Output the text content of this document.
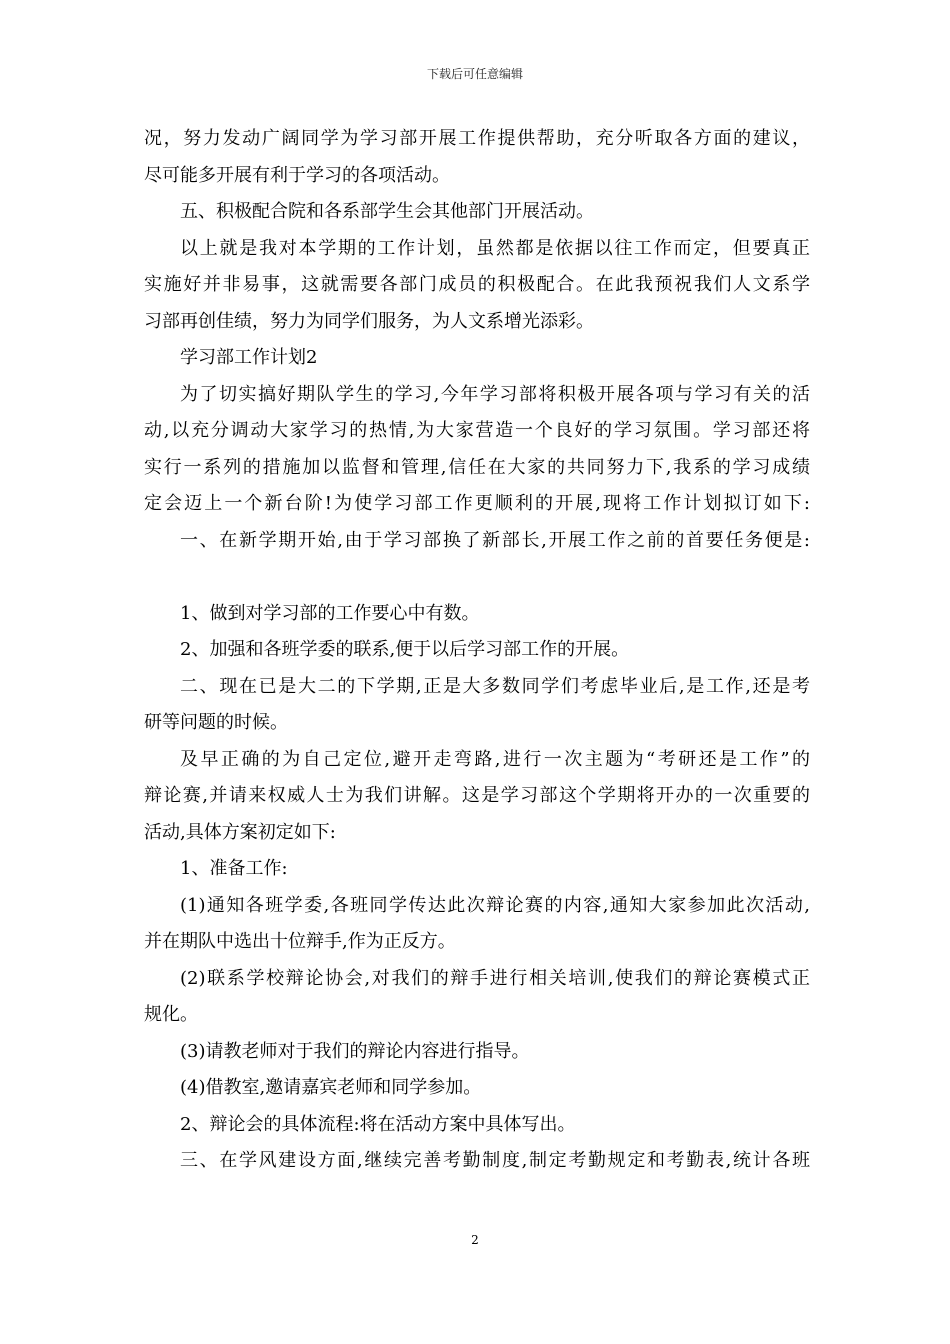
下载后可任意编辑
况，努力发动广阔同学为学习部开展工作提供帮助，充分听取各方面的建议，
尽可能多开展有利于学习的各项活动。
五、积极配合院和各系部学生会其他部门开展活动。
以上就是我对本学期的工作计划，虽然都是依据以往工作而定，但要真正
实施好并非易事，这就需要各部门成员的积极配合。在此我预祝我们人文系学
习部再创佳绩，努力为同学们服务，为人文系增光添彩。
学习部工作计划2
为了切实搞好期队学生的学习,今年学习部将积极开展各项与学习有关的活
动,以充分调动大家学习的热情,为大家营造一个良好的学习氛围。学习部还将
实行一系列的措施加以监督和管理,信任在大家的共同努力下,我系的学习成绩
定会迈上一个新台阶!为使学习部工作更顺利的开展,现将工作计划拟订如下:
一、在新学期开始,由于学习部换了新部长,开展工作之前的首要任务便是:
1、做到对学习部的工作要心中有数。
2、加强和各班学委的联系,便于以后学习部工作的开展。
二、现在已是大二的下学期,正是大多数同学们考虑毕业后,是工作,还是考
研等问题的时候。
及早正确的为自己定位,避开走弯路,进行一次主题为“考研还是工作”的
辩论赛,并请来权威人士为我们讲解。这是学习部这个学期将开办的一次重要的
活动,具体方案初定如下:
1、准备工作:
(1)通知各班学委,各班同学传达此次辩论赛的内容,通知大家参加此次活动,
并在期队中选出十位辩手,作为正反方。
(2)联系学校辩论协会,对我们的辩手进行相关培训,使我们的辩论赛模式正
规化。
(3)请教老师对于我们的辩论内容进行指导。
(4)借教室,邀请嘉宾老师和同学参加。
2、辩论会的具体流程:将在活动方案中具体写出。
三、在学风建设方面,继续完善考勤制度,制定考勤规定和考勤表,统计各班
2
